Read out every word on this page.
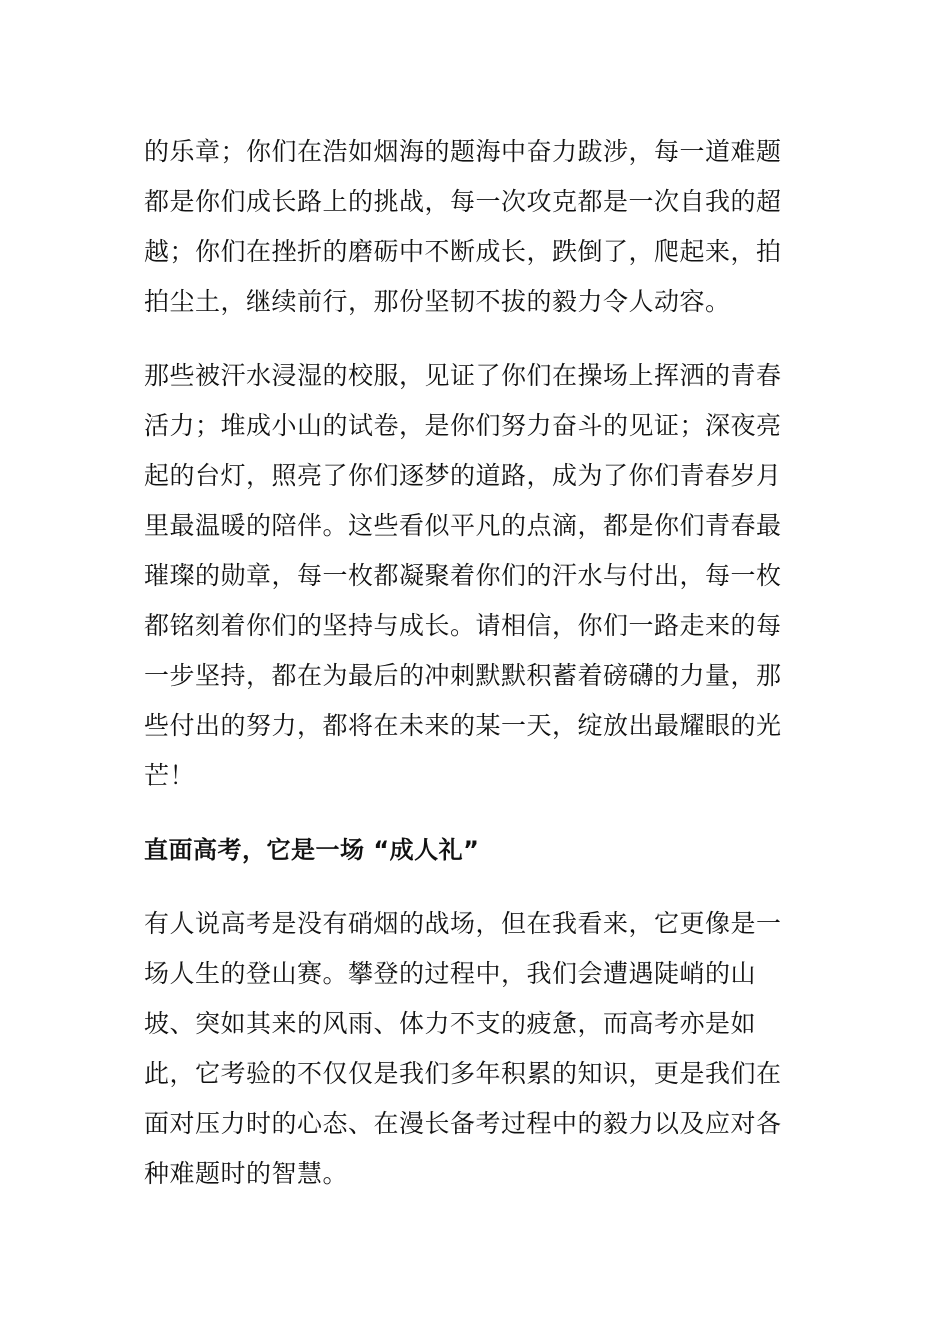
的乐章；你们在浩如烟海的题海中奋力跋涉，每一道难题都是你们成长路上的挑战，每一次攻克都是一次自我的超越；你们在挫折的磨砺中不断成长，跌倒了，爬起来，拍拍尘土，继续前行，那份坚韧不拔的毅力令人动容。

那些被汗水浸湿的校服，见证了你们在操场上挥洒的青春活力；堆成小山的试卷，是你们努力奋斗的见证；深夜亮起的台灯，照亮了你们逐梦的道路，成为了你们青春岁月里最温暖的陪伴。这些看似平凡的点滴，都是你们青春最璀璨的勋章，每一枚都凝聚着你们的汗水与付出，每一枚都铭刻着你们的坚持与成长。请相信，你们一路走来的每一步坚持，都在为最后的冲刺默默积蓄着磅礴的力量，那些付出的努力，都将在未来的某一天，绽放出最耀眼的光芒！

直面高考，它是一场 “成人礼”

有人说高考是没有硝烟的战场，但在我看来，它更像是一场人生的登山赛。攀登的过程中，我们会遭遇陡峭的山坡、突如其来的风雨、体力不支的疲惫，而高考亦是如此，它考验的不仅仅是我们多年积累的知识，更是我们在面对压力时的心态、在漫长备考过程中的毅力以及应对各种难题时的智慧。
